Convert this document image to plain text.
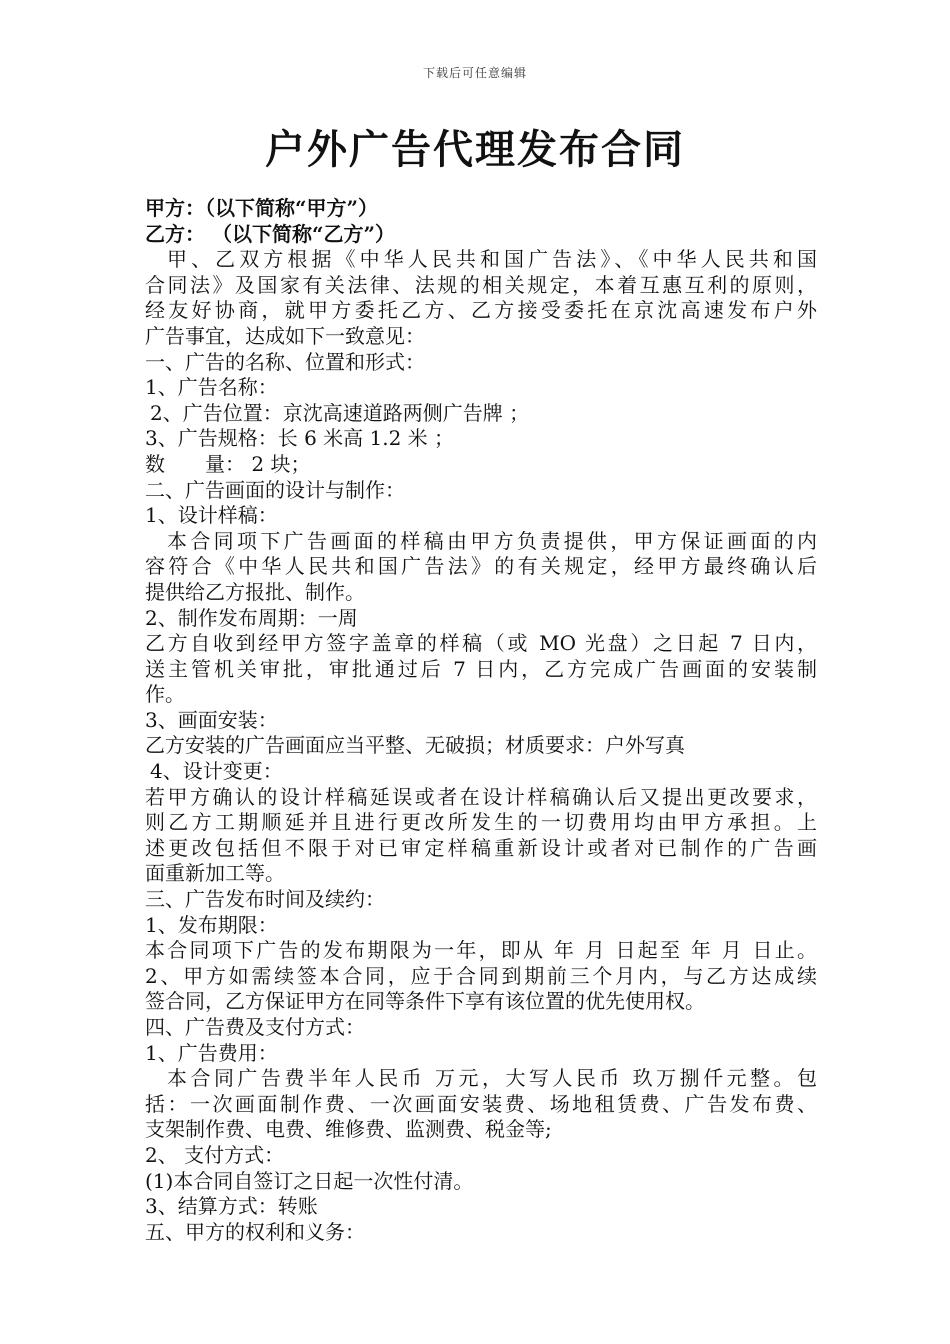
下载后可任意编辑
户外广告代理发布合同
甲方：（以下简称“甲方”）
乙方： （以下简称“乙方”）
甲、乙双方根据《中华人民共和国广告法》、《中华人民共和国
合同法》及国家有关法律、法规的相关规定，本着互惠互利的原则，
经友好协商，就甲方委托乙方、乙方接受委托在京沈高速发布户外
广告事宜，达成如下一致意见：
一、广告的名称、位置和形式：
1、广告名称：
2、广告位置：京沈高速道路两侧广告牌 ；
3、广告规格：长 6 米高 1.2 米 ；
数　　量： 2 块；
二、广告画面的设计与制作：
1、设计样稿：
本合同项下广告画面的样稿由甲方负责提供，甲方保证画面的内
容符合《中华人民共和国广告法》的有关规定，经甲方最终确认后
提供给乙方报批、制作。
2、制作发布周期：一周
乙方自收到经甲方签字盖章的样稿（或 MO 光盘）之日起 7 日内，
送主管机关审批，审批通过后 7 日内，乙方完成广告画面的安装制
作。
3、画面安装：
乙方安装的广告画面应当平整、无破损；材质要求：户外写真
4、设计变更：
若甲方确认的设计样稿延误或者在设计样稿确认后又提出更改要求，
则乙方工期顺延并且进行更改所发生的一切费用均由甲方承担。上
述更改包括但不限于对已审定样稿重新设计或者对已制作的广告画
面重新加工等。
三、广告发布时间及续约：
1、发布期限：
本合同项下广告的发布期限为一年，即从 年 月 日起至 年 月 日止。
2、甲方如需续签本合同，应于合同到期前三个月内，与乙方达成续
签合同，乙方保证甲方在同等条件下享有该位置的优先使用权。
四、广告费及支付方式：
1、广告费用：
本合同广告费半年人民币 万元，大写人民币 玖万捌仟元整。包
括：一次画面制作费、一次画面安装费、场地租赁费、广告发布费、
支架制作费、电费、维修费、监测费、税金等;
2、 支付方式：
(1)本合同自签订之日起一次性付清。
3、结算方式：转账
五、甲方的权利和义务：
